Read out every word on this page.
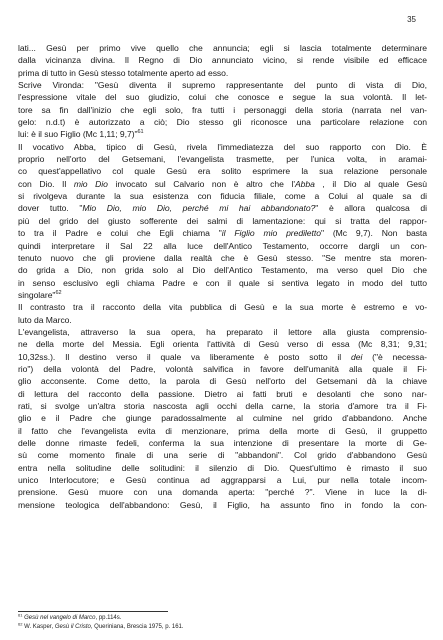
35
lati... Gesù per primo vive quello che annuncia; egli si lascia totalmente determinare
dalla vicinanza divina. Il Regno di Dio annunciato vicino, si rende visibile ed efficace
prima di tutto in Gesù stesso totalmente aperto ad esso.
Scrive Vironda: "Gesù diventa il supremo rappresentante del punto di vista di Dio,
l'espressione vitale del suo giudizio, colui che conosce e segue la sua volontà. Il let-
tore sa fin dall'inizio che egli solo, fra tutti i personaggi della storia (narrata nel van-
gelo: n.d.t) è autorizzato a ciò; Dio stesso gli riconosce una particolare relazione con
lui: è il suo Figlio (Mc 1,11; 9,7)"$^{61}$
Il vocativo Abba, tipico di Gesù, rivela l'immediatezza del suo rapporto con Dio. È
proprio nell'orto del Getsemani, l'evangelista trasmette, per l'unica volta, in aramai-
co quest'appellativo col quale Gesù era solito esprimere la sua relazione personale
con Dio. Il mio Dio invocato sul Calvario non è altro che l'Abba , il Dio al quale Gesù
si rivolgeva durante la sua esistenza con fiducia filiale, come a Colui al quale sa di
dover tutto. "Mio Dio, mio Dio, perché mi hai abbandonato?" è allora qualcosa di
più del grido del giusto sofferente dei salmi di lamentazione: qui si tratta del rappor-
to tra il Padre e colui che Egli chiama "il Figlio mio prediletto" (Mc 9,7). Non basta
quindi interpretare il Sal 22 alla luce dell'Antico Testamento, occorre dargli un con-
tenuto nuovo che gli proviene dalla realtà che è Gesù stesso. "Se mentre sta moren-
do grida a Dio, non grida solo al Dio dell'Antico Testamento, ma verso quel Dio che
in senso esclusivo egli chiama Padre e con il quale si sentiva legato in modo del tutto
singolare"$^{62}$
Il contrasto tra il racconto della vita pubblica di Gesù e la sua morte è estremo e vo-
luto da Marco.
L'evangelista, attraverso la sua opera, ha preparato il lettore alla giusta comprensio-
ne della morte del Messia. Egli orienta l'attività di Gesù verso di essa (Mc 8,31; 9,31;
10,32ss.). Il destino verso il quale va liberamente è posto sotto il dei ("è necessa-
rio") della volontà del Padre, volontà salvifica in favore dell'umanità alla quale il Fi-
glio acconsente. Come detto, la parola di Gesù nell'orto del Getsemani dà la chiave
di lettura del racconto della passione. Dietro ai fatti bruti e desolanti che sono nar-
rati, si svolge un'altra storia nascosta agli occhi della carne, la storia d'amore tra il Fi-
glio e il Padre che giunge paradossalmente al culmine nel grido d'abbandono. Anche
il fatto che l'evangelista evita di menzionare, prima della morte di Gesù, il gruppetto
delle donne rimaste fedeli, conferma la sua intenzione di presentare la morte di Ge-
sù come momento finale di una serie di "abbandoni". Col grido d'abbandono Gesù
entra nella solitudine delle solitudini: il silenzio di Dio. Quest'ultimo è rimasto il suo
unico Interlocutore; e Gesù continua ad aggrapparsi a Lui, pur nella totale incom-
prensione. Gesù muore con una domanda aperta: "perché ?". Viene in luce la di-
mensione teologica dell'abbandono: Gesù, il Figlio, ha assunto fino in fondo la con-
$^{61}$ Gesù nel vangelo di Marco, pp.114s.
$^{62}$ W. Kasper, Gesù il Cristo, Queriniana, Brescia 1975, p. 161.
